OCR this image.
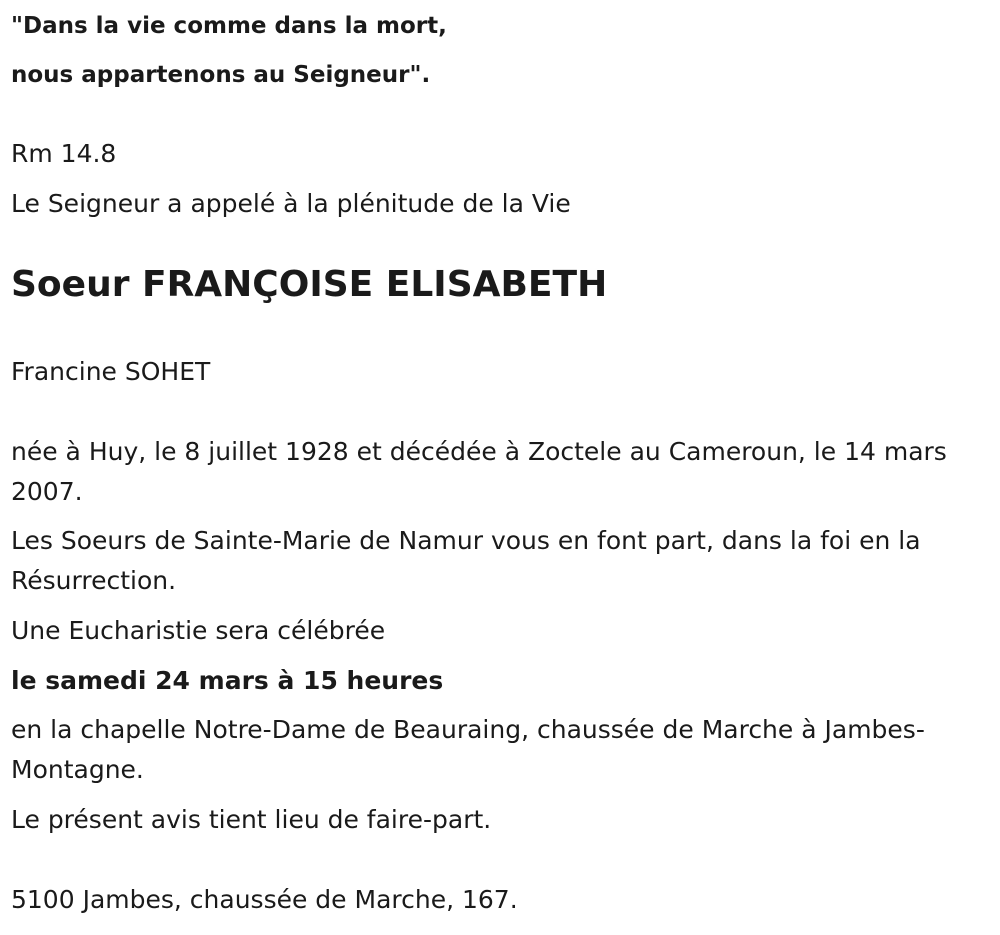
"Dans la vie comme dans la mort,

nous appartenons au Seigneur".

Rm 14.8

Le Seigneur a appelé à la plénitude de la Vie

Soeur FRANÇOISE ELISABETH

Francine SOHET

née à Huy, le 8 juillet 1928 et décédée à Zoctele au Cameroun, le 14 mars 2007.

Les Soeurs de Sainte-Marie de Namur vous en font part, dans la foi en la Résurrection.

Une Eucharistie sera célébrée

le samedi 24 mars à 15 heures

en la chapelle Notre-Dame de Beauraing, chaussée de Marche à Jambes-Montagne.

Le présent avis tient lieu de faire-part.

5100 Jambes, chaussée de Marche, 167.
